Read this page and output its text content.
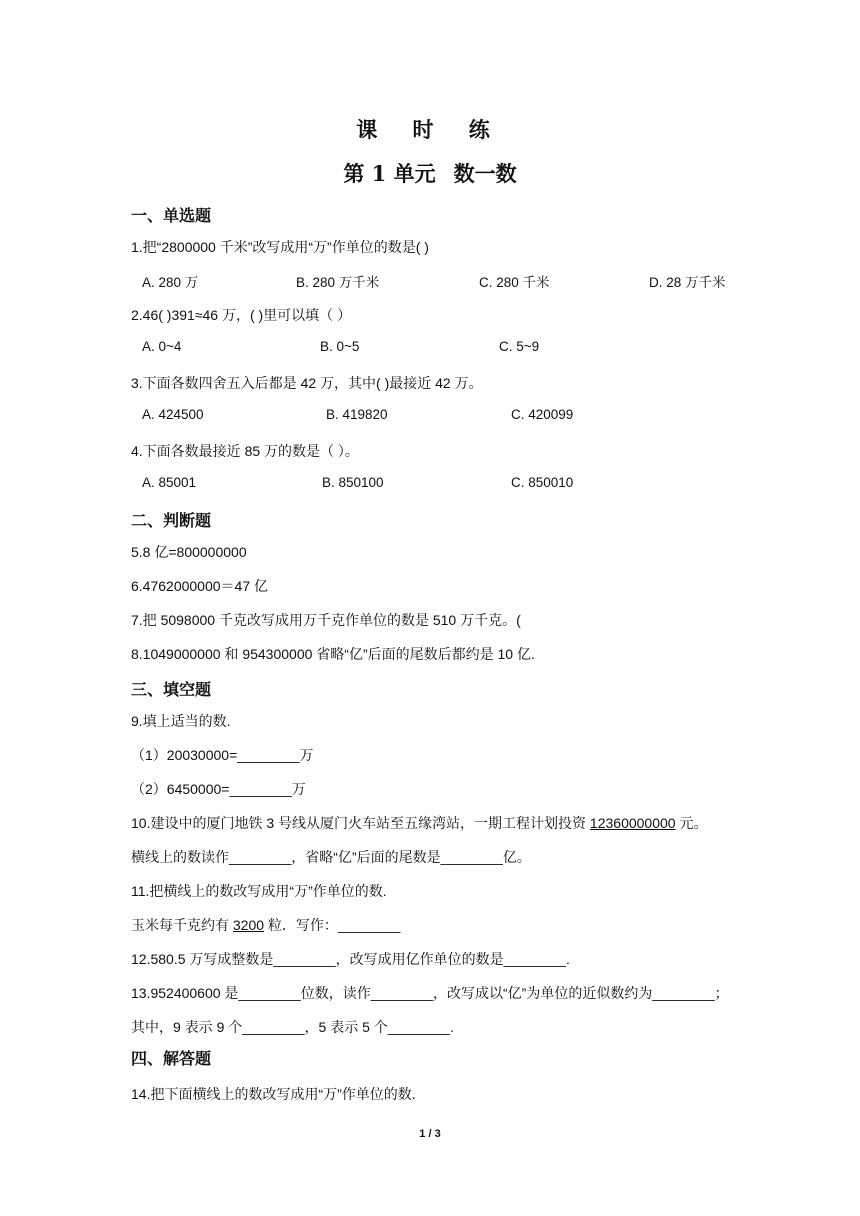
课 时 练
第 1 单元 数一数
一、单选题
1.把“2800000 千米”改写成用“万”作单位的数是( )
A. 280 万	B. 280 万千米	C. 280 千米	D. 28 万千米
2.46( )391≈46 万，( )里可以填（ ）
A. 0~4	B. 0~5	C. 5~9
3.下面各数四舍五入后都是 42 万，其中( )最接近 42 万。
A. 424500	B. 419820	C. 420099
4.下面各数最接近 85 万的数是（ ）。
A. 85001	B. 850100	C. 850010
二、判断题
5.8 亿=800000000
6.4762000000＝47 亿
7.把 5098000 千克改写成用万千克作单位的数是 510 万千克。(
8.1049000000 和 954300000 省略“亿”后面的尾数后都约是 10 亿.
三、填空题
9.填上适当的数.
（1）20030000=________万
（2）6450000=________万
10.建设中的厦门地铁 3 号线从厦门火车站至五缘湾站，一期工程计划投资 12360000000 元。
横线上的数读作________，省略“亿”后面的尾数是________亿。
11.把横线上的数改写成用“万”作单位的数.
玉米每千克约有 3200 粒．写作：________
12.580.5 万写成整数是________，改写成用亿作单位的数是________.
13.952400600 是________位数，读作________，改写成以“亿”为单位的近似数约为________；
其中，9 表示 9 个________，5 表示 5 个________.
四、解答题
14.把下面横线上的数改写成用“万”作单位的数.
1 / 3
